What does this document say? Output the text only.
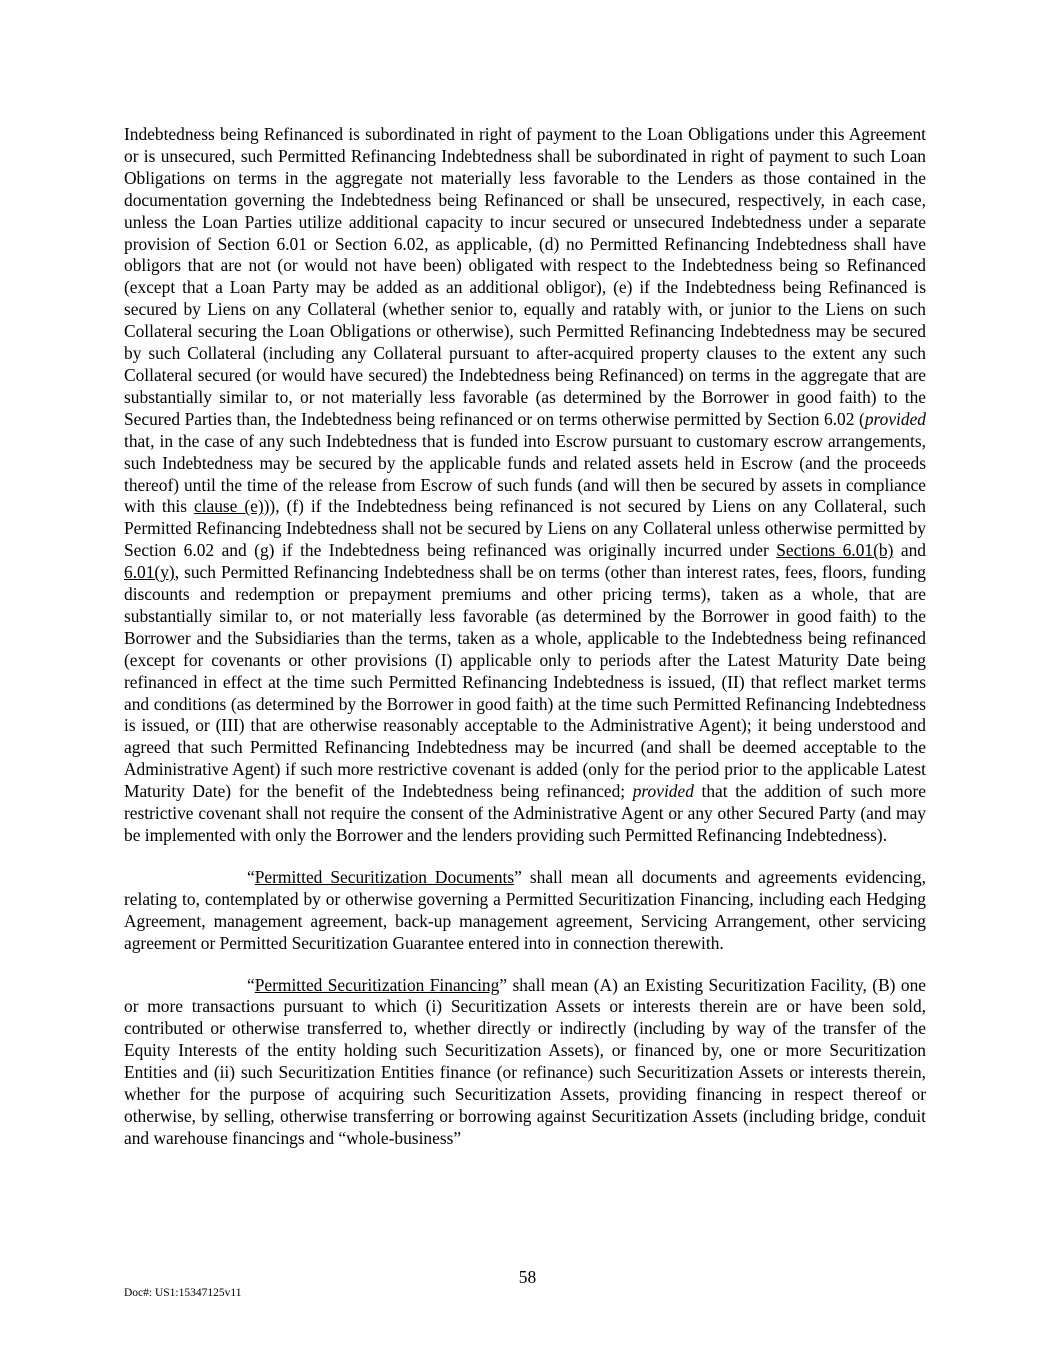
Indebtedness being Refinanced is subordinated in right of payment to the Loan Obligations under this Agreement or is unsecured, such Permitted Refinancing Indebtedness shall be subordinated in right of payment to such Loan Obligations on terms in the aggregate not materially less favorable to the Lenders as those contained in the documentation governing the Indebtedness being Refinanced or shall be unsecured, respectively, in each case, unless the Loan Parties utilize additional capacity to incur secured or unsecured Indebtedness under a separate provision of Section 6.01 or Section 6.02, as applicable, (d) no Permitted Refinancing Indebtedness shall have obligors that are not (or would not have been) obligated with respect to the Indebtedness being so Refinanced (except that a Loan Party may be added as an additional obligor), (e) if the Indebtedness being Refinanced is secured by Liens on any Collateral (whether senior to, equally and ratably with, or junior to the Liens on such Collateral securing the Loan Obligations or otherwise), such Permitted Refinancing Indebtedness may be secured by such Collateral (including any Collateral pursuant to after-acquired property clauses to the extent any such Collateral secured (or would have secured) the Indebtedness being Refinanced) on terms in the aggregate that are substantially similar to, or not materially less favorable (as determined by the Borrower in good faith) to the Secured Parties than, the Indebtedness being refinanced or on terms otherwise permitted by Section 6.02 (provided that, in the case of any such Indebtedness that is funded into Escrow pursuant to customary escrow arrangements, such Indebtedness may be secured by the applicable funds and related assets held in Escrow (and the proceeds thereof) until the time of the release from Escrow of such funds (and will then be secured by assets in compliance with this clause (e))), (f) if the Indebtedness being refinanced is not secured by Liens on any Collateral, such Permitted Refinancing Indebtedness shall not be secured by Liens on any Collateral unless otherwise permitted by Section 6.02 and (g) if the Indebtedness being refinanced was originally incurred under Sections 6.01(b) and 6.01(y), such Permitted Refinancing Indebtedness shall be on terms (other than interest rates, fees, floors, funding discounts and redemption or prepayment premiums and other pricing terms), taken as a whole, that are substantially similar to, or not materially less favorable (as determined by the Borrower in good faith) to the Borrower and the Subsidiaries than the terms, taken as a whole, applicable to the Indebtedness being refinanced (except for covenants or other provisions (I) applicable only to periods after the Latest Maturity Date being refinanced in effect at the time such Permitted Refinancing Indebtedness is issued, (II) that reflect market terms and conditions (as determined by the Borrower in good faith) at the time such Permitted Refinancing Indebtedness is issued, or (III) that are otherwise reasonably acceptable to the Administrative Agent); it being understood and agreed that such Permitted Refinancing Indebtedness may be incurred (and shall be deemed acceptable to the Administrative Agent) if such more restrictive covenant is added (only for the period prior to the applicable Latest Maturity Date) for the benefit of the Indebtedness being refinanced; provided that the addition of such more restrictive covenant shall not require the consent of the Administrative Agent or any other Secured Party (and may be implemented with only the Borrower and the lenders providing such Permitted Refinancing Indebtedness).

“Permitted Securitization Documents” shall mean all documents and agreements evidencing, relating to, contemplated by or otherwise governing a Permitted Securitization Financing, including each Hedging Agreement, management agreement, back-up management agreement, Servicing Arrangement, other servicing agreement or Permitted Securitization Guarantee entered into in connection therewith.

“Permitted Securitization Financing” shall mean (A) an Existing Securitization Facility, (B) one or more transactions pursuant to which (i) Securitization Assets or interests therein are or have been sold, contributed or otherwise transferred to, whether directly or indirectly (including by way of the transfer of the Equity Interests of the entity holding such Securitization Assets), or financed by, one or more Securitization Entities and (ii) such Securitization Entities finance (or refinance) such Securitization Assets or interests therein, whether for the purpose of acquiring such Securitization Assets, providing financing in respect thereof or otherwise, by selling, otherwise transferring or borrowing against Securitization Assets (including bridge, conduit and warehouse financings and “whole-business”

58
Doc#: US1:15347125v11
